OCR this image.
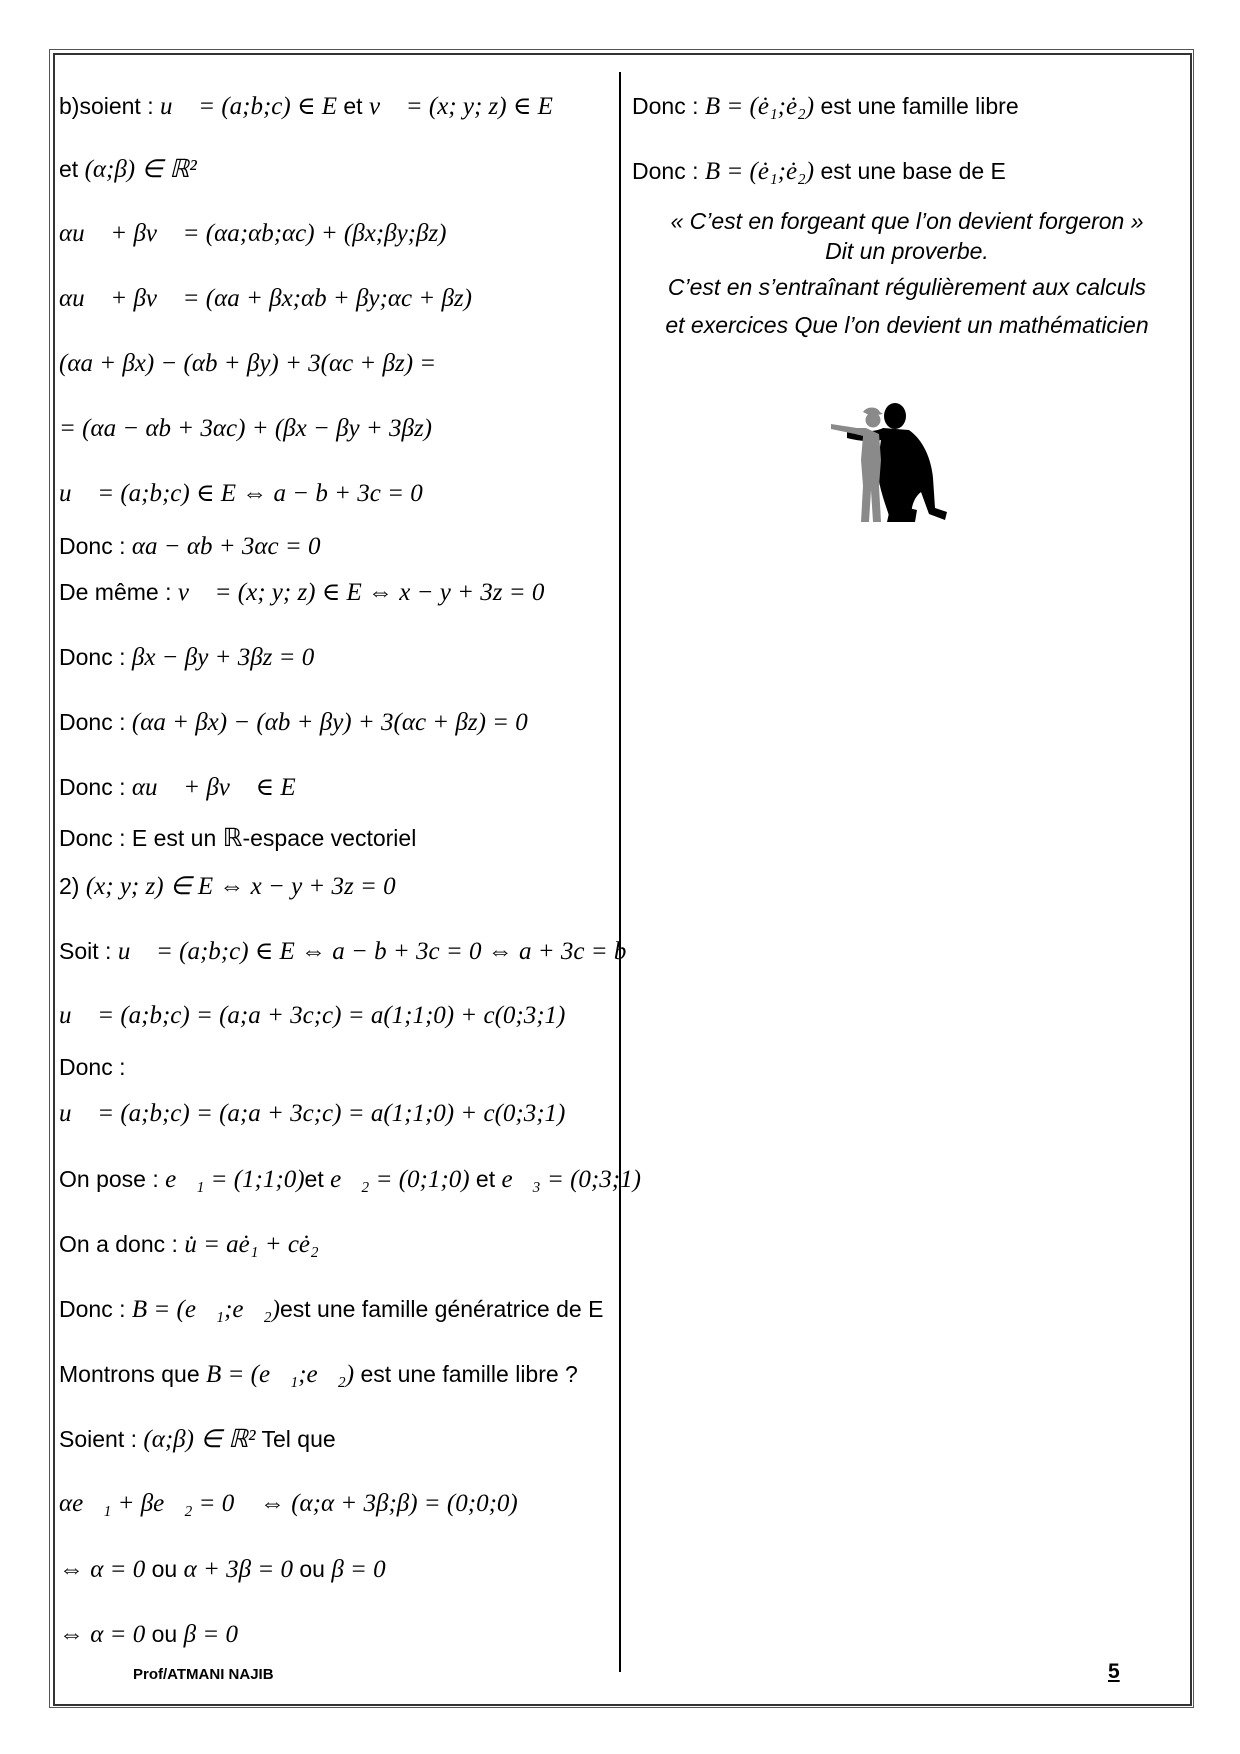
b)soient : u⃗ = (a;b;c) ∈ E et v⃗ = (x; y; z) ∈ E
et (α;β) ∈ ℝ²
αu⃗ + βv⃗ = (αa;αb;αc) + (βx;βy;βz)
αu⃗ + βv⃗ = (αa + βx;αb + βy;αc + βz)
(αa + βx) − (αb + βy) + 3(αc + βz) =
= (αa − αb + 3αc) + (βx − βy + 3βz)
u⃗ = (a;b;c) ∈ E ⇔ a − b + 3c = 0
Donc : αa − αb + 3αc = 0
De même : v⃗ = (x; y; z) ∈ E ⇔ x − y + 3z = 0
Donc : βx − βy + 3βz = 0
Donc : (αa + βx) − (αb + βy) + 3(αc + βz) = 0
Donc : αu⃗ + βv⃗ ∈ E
Donc : E est un ℝ-espace vectoriel
2) (x; y; z) ∈ E ⇔ x − y + 3z = 0
Soit : u⃗ = (a;b;c) ∈ E ⇔ a − b + 3c = 0 ⇔ a + 3c = b
u⃗ = (a;b;c) = (a;a + 3c;c) = a(1;1;0) + c(0;3;1)
Donc :
u⃗ = (a;b;c) = (a;a + 3c;c) = a(1;1;0) + c(0;3;1)
On pose : e⃗₁ = (1;1;0)et e⃗₂ = (0;1;0) et e⃗₃ = (0;3;1)
On a donc : u̇ = aė₁ + cė₂
Donc : B = (e⃗₁;e⃗₂)est une famille génératrice de E
Montrons que B = (e⃗₁;e⃗₂) est une famille libre ?
Soient : (α;β) ∈ ℝ² Tel que
αe⃗₁ + βe⃗₂ = 0⃗ ⇔ (α;α + 3β;β) = (0;0;0)
⇔ α = 0 ou α + 3β = 0 ou β = 0
⇔ α = 0 ou β = 0
Donc : B = (ė₁;ė₂) est une famille libre
Donc : B = (ė₁;ė₂) est une base de E
« C’est en forgeant que l’on devient forgeron »
Dit un proverbe.
C’est en s’entraînant régulièrement aux calculs
et exercices Que l’on devient un mathématicien
Prof/ATMANI NAJIB	5
